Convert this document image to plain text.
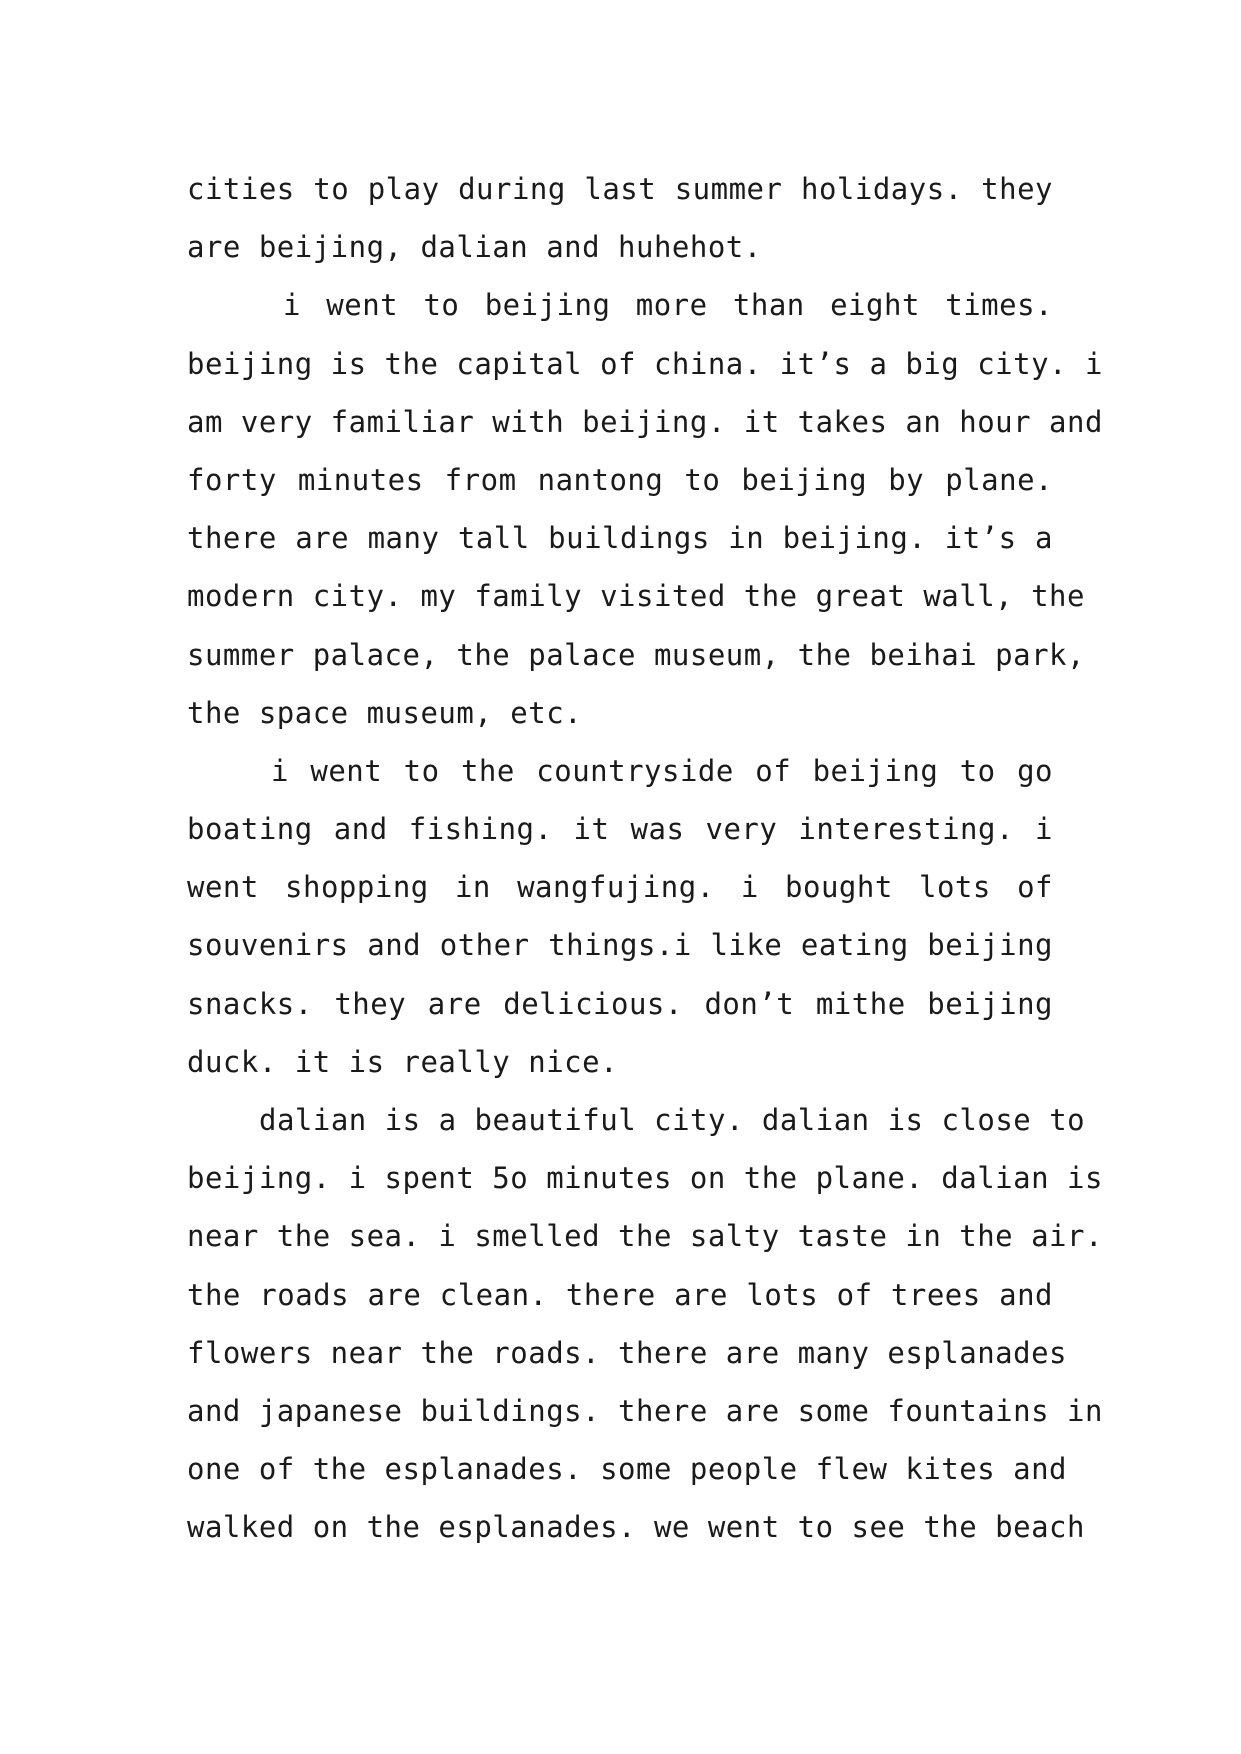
cities to play during last summer holidays. they
are beijing, dalian and huhehot.
i went to beijing more than eight times.
beijing is the capital of china. it’s a big city. i
am very familiar with beijing. it takes an hour and
forty minutes from nantong to beijing by plane.
there are many tall buildings in beijing. it’s a
modern city. my family visited the great wall, the
summer palace, the palace museum, the beihai park,
the space museum, etc.
i went to the countryside of beijing to go
boating and fishing. it was very interesting. i
went shopping in wangfujing. i bought lots of
souvenirs and other things.i like eating beijing
snacks. they are delicious. don’t mithe beijing
duck. it is really nice.
dalian is a beautiful city. dalian is close to
beijing. i spent 5o minutes on the plane. dalian is
near the sea. i smelled the salty taste in the air.
the roads are clean. there are lots of trees and
flowers near the roads. there are many esplanades
and japanese buildings. there are some fountains in
one of the esplanades. some people flew kites and
walked on the esplanades. we went to see the beach
